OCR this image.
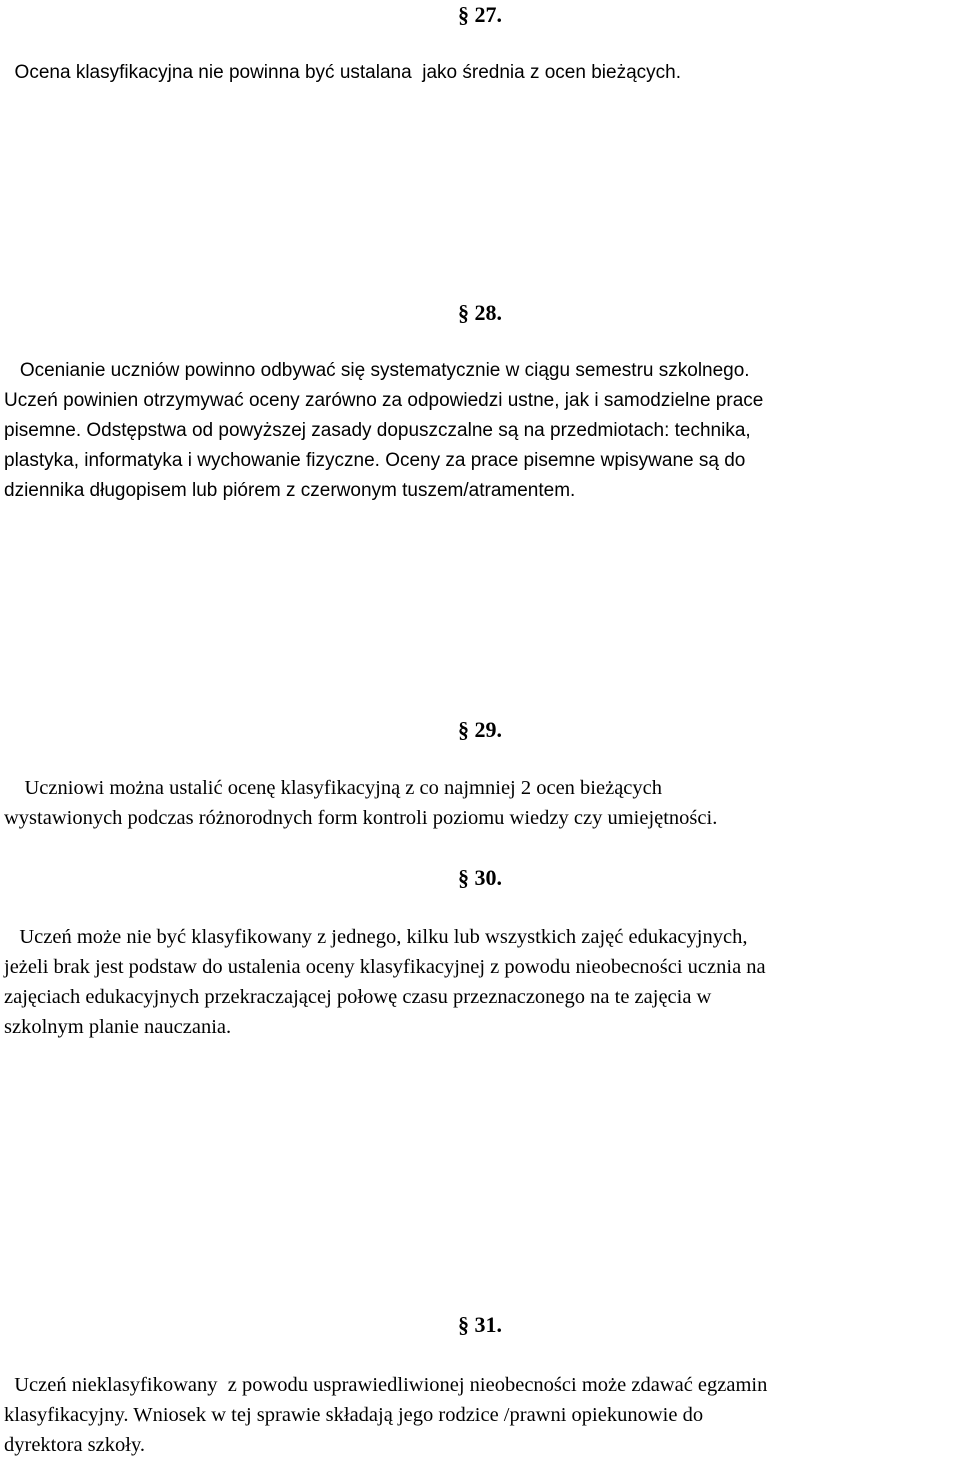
§ 27.

Ocena klasyfikacyjna nie powinna być ustalana  jako średnia z ocen bieżących.

§ 28.

Ocenianie uczniów powinno odbywać się systematycznie w ciągu semestru szkolnego.
Uczeń powinien otrzymywać oceny zarówno za odpowiedzi ustne, jak i samodzielne prace
pisemne. Odstępstwa od powyższej zasady dopuszczalne są na przedmiotach: technika,
plastyka, informatyka i wychowanie fizyczne. Oceny za prace pisemne wpisywane są do
dziennika długopisem lub piórem z czerwonym tuszem/atramentem.

§ 29.

Uczniowi można ustalić ocenę klasyfikacyjną z co najmniej 2 ocen bieżących
wystawionych podczas różnorodnych form kontroli poziomu wiedzy czy umiejętności.

§ 30.

Uczeń może nie być klasyfikowany z jednego, kilku lub wszystkich zajęć edukacyjnych,
jeżeli brak jest podstaw do ustalenia oceny klasyfikacyjnej z powodu nieobecności ucznia na
zajęciach edukacyjnych przekraczającej połowę czasu przeznaczonego na te zajęcia w
szkolnym planie nauczania.

§ 31.

Uczeń nieklasyfikowany  z powodu usprawiedliwionej nieobecności może zdawać egzamin
klasyfikacyjny. Wniosek w tej sprawie składają jego rodzice /prawni opiekunowie do
dyrektora szkoły.
